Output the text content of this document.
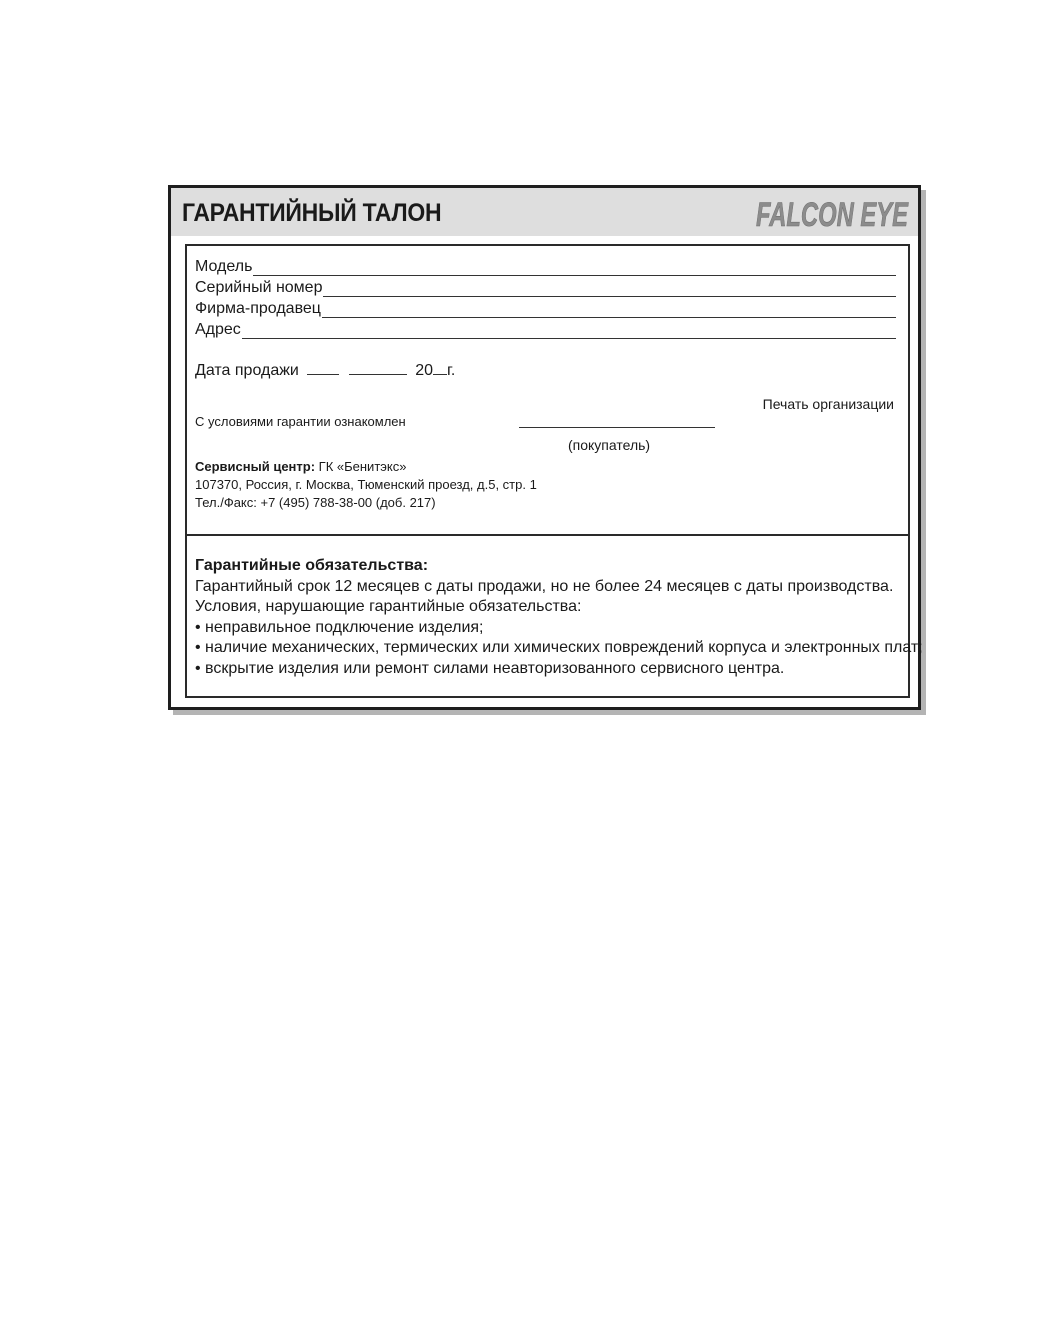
ГАРАНТИЙНЫЙ ТАЛОН	FALCON EYE
Модель
Серийный номер
Фирма-продавец
Адрес
Дата продажи	20 г.
Печать организации
С условиями гарантии ознакомлен
(покупатель)
Сервисный центр: ГК «Бенитэкс»
107370, Россия, г. Москва, Тюменский проезд, д.5, стр. 1
Тел./Факс: +7 (495) 788-38-00 (доб. 217)
Гарантийные обязательства:
Гарантийный срок 12 месяцев с даты продажи, но не более 24 месяцев с даты производства.
Условия, нарушающие гарантийные обязательства:
• неправильное подключение изделия;
• наличие механических, термических или химических повреждений корпуса и электронных плат;
• вскрытие изделия или ремонт силами неавторизованного сервисного центра.
